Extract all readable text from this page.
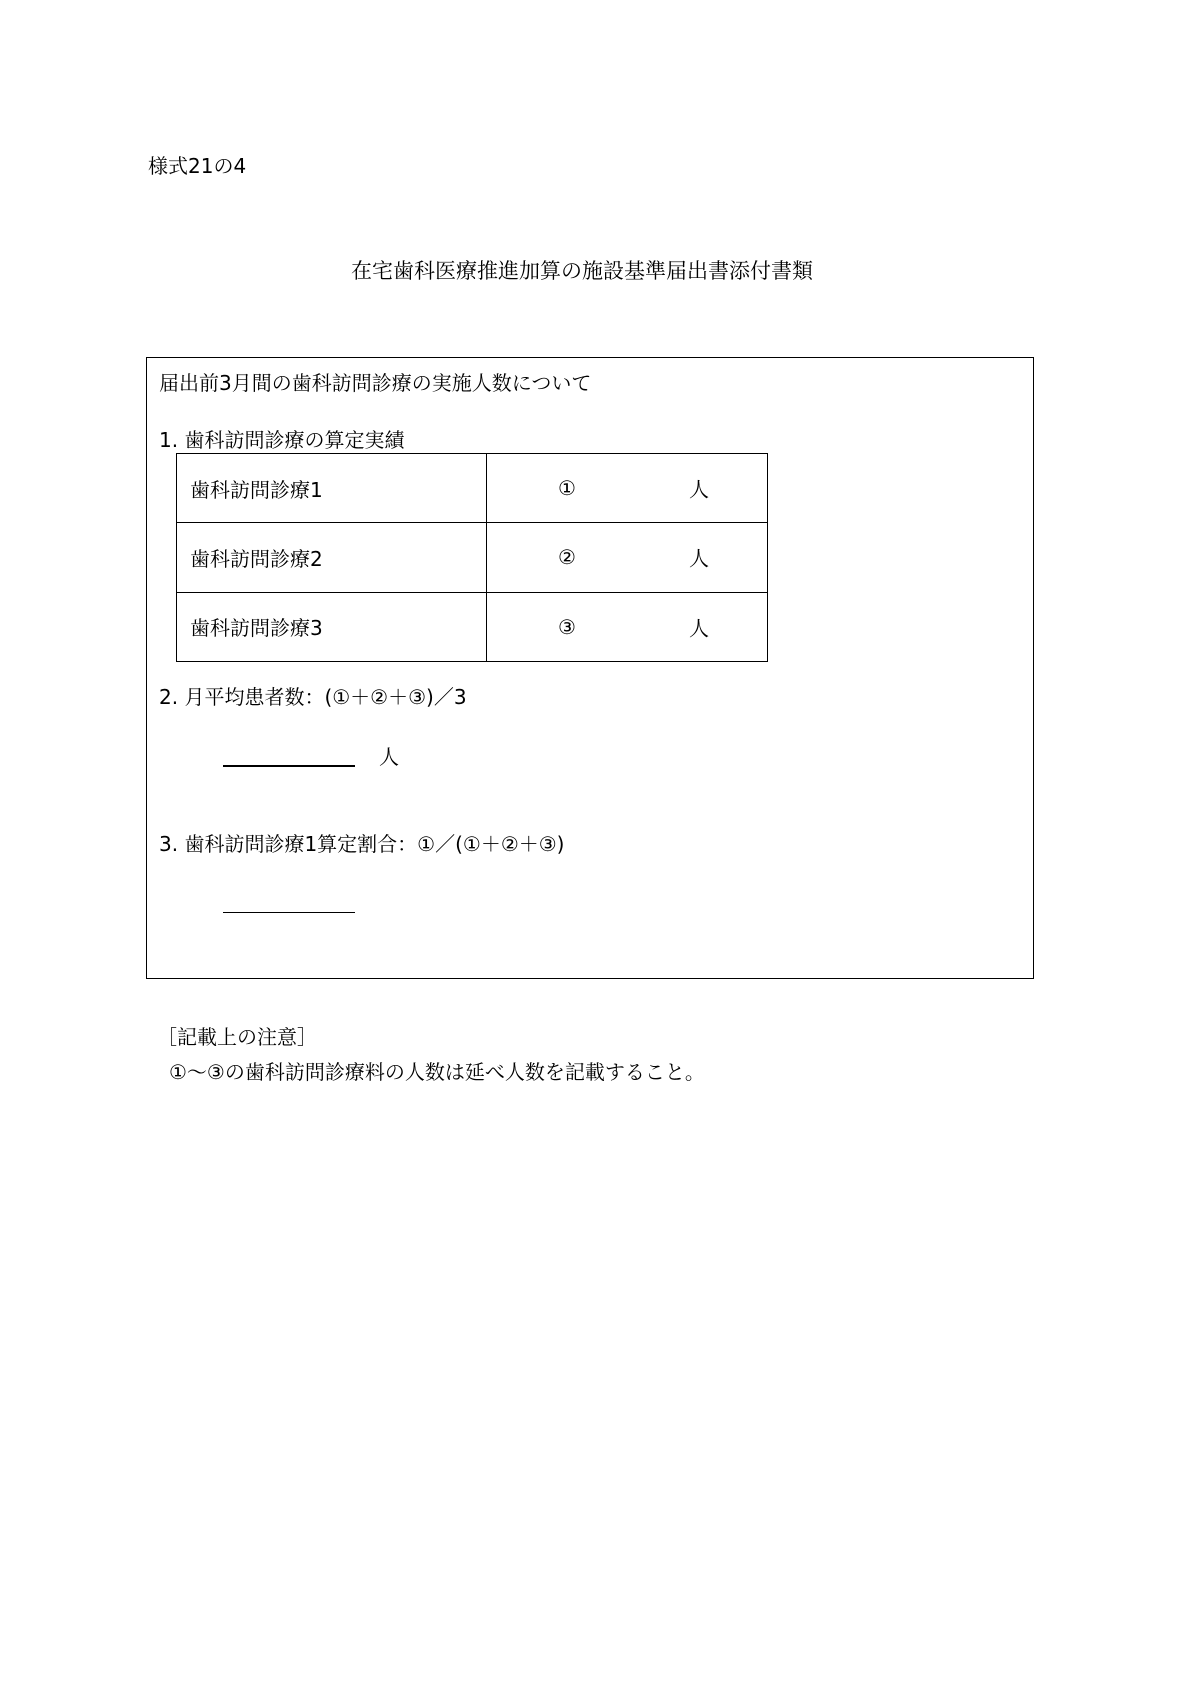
様式21の4
在宅歯科医療推進加算の施設基準届出書添付書類
届出前3月間の歯科訪問診療の実施人数について
1. 歯科訪問診療の算定実績
歯科訪問診療1	① 人

歯科訪問診療2	② 人

歯科訪問診療3	③ 人
2. 月平均患者数：(①＋②＋③)／3
人
3. 歯科訪問診療1算定割合：①／(①＋②＋③)
［記載上の注意］
①～③の歯科訪問診療料の人数は延べ人数を記載すること。
